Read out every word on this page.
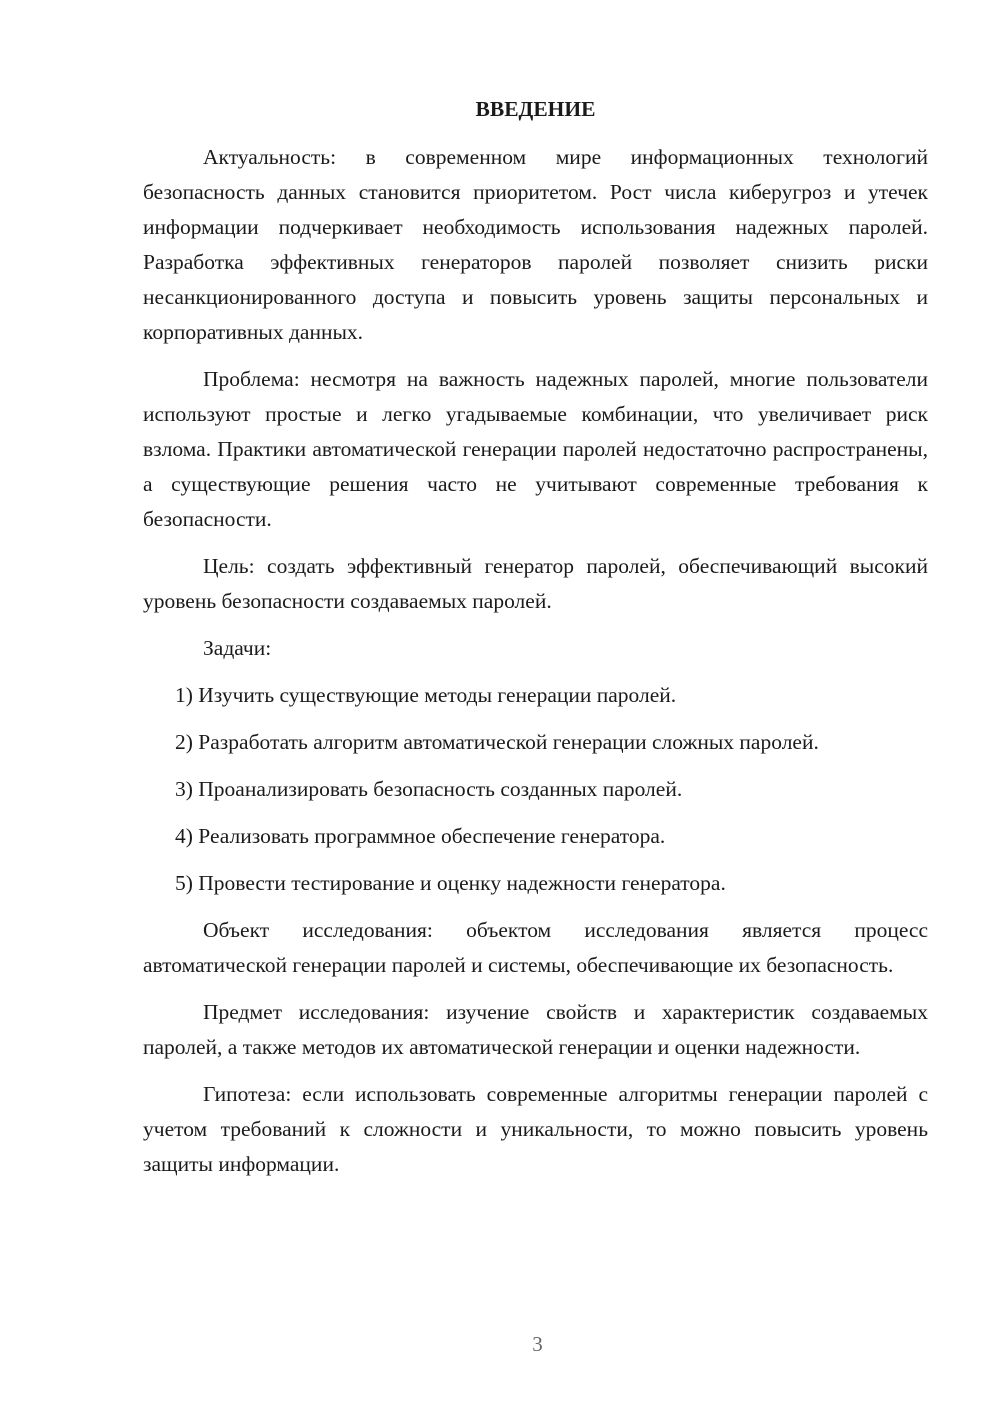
ВВЕДЕНИЕ

Актуальность: в современном мире информационных технологий безопасность данных становится приоритетом. Рост числа киберугроз и утечек информации подчеркивает необходимость использования надежных паролей. Разработка эффективных генераторов паролей позволяет снизить риски несанкционированного доступа и повысить уровень защиты персональных и корпоративных данных.

Проблема: несмотря на важность надежных паролей, многие пользователи используют простые и легко угадываемые комбинации, что увеличивает риск взлома. Практики автоматической генерации паролей недостаточно распространены, а существующие решения часто не учитывают современные требования к безопасности.

Цель: создать эффективный генератор паролей, обеспечивающий высокий уровень безопасности создаваемых паролей.

Задачи:

1) Изучить существующие методы генерации паролей.

2) Разработать алгоритм автоматической генерации сложных паролей.

3) Проанализировать безопасность созданных паролей.

4) Реализовать программное обеспечение генератора.

5) Провести тестирование и оценку надежности генератора.

Объект исследования: объектом исследования является процесс автоматической генерации паролей и системы, обеспечивающие их безопасность.

Предмет исследования: изучение свойств и характеристик создаваемых паролей, а также методов их автоматической генерации и оценки надежности.

Гипотеза: если использовать современные алгоритмы генерации паролей с учетом требований к сложности и уникальности, то можно повысить уровень защиты информации.

3
